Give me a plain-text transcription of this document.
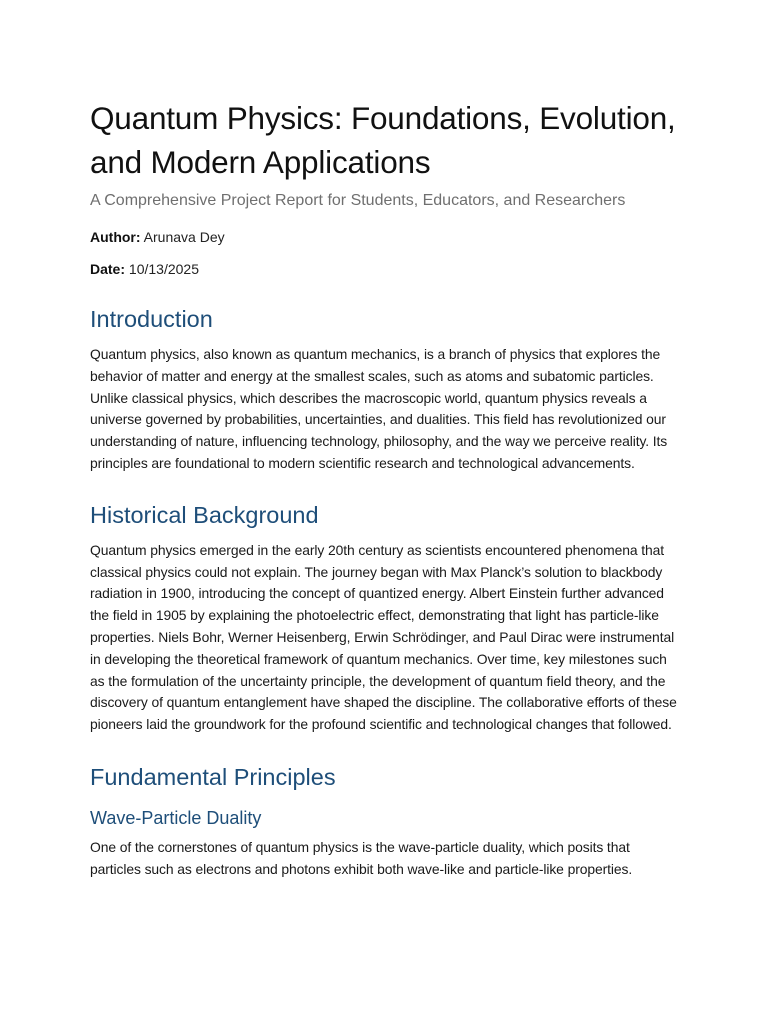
Quantum Physics: Foundations, Evolution, and Modern Applications

A Comprehensive Project Report for Students, Educators, and Researchers

Author: Arunava Dey

Date: 10/13/2025

Introduction

Quantum physics, also known as quantum mechanics, is a branch of physics that explores the behavior of matter and energy at the smallest scales, such as atoms and subatomic particles. Unlike classical physics, which describes the macroscopic world, quantum physics reveals a universe governed by probabilities, uncertainties, and dualities. This field has revolutionized our understanding of nature, influencing technology, philosophy, and the way we perceive reality. Its principles are foundational to modern scientific research and technological advancements.

Historical Background

Quantum physics emerged in the early 20th century as scientists encountered phenomena that classical physics could not explain. The journey began with Max Planck’s solution to blackbody radiation in 1900, introducing the concept of quantized energy. Albert Einstein further advanced the field in 1905 by explaining the photoelectric effect, demonstrating that light has particle-like properties. Niels Bohr, Werner Heisenberg, Erwin Schrödinger, and Paul Dirac were instrumental in developing the theoretical framework of quantum mechanics. Over time, key milestones such as the formulation of the uncertainty principle, the development of quantum field theory, and the discovery of quantum entanglement have shaped the discipline. The collaborative efforts of these pioneers laid the groundwork for the profound scientific and technological changes that followed.

Fundamental Principles
Wave-Particle Duality

One of the cornerstones of quantum physics is the wave-particle duality, which posits that particles such as electrons and photons exhibit both wave-like and particle-like properties.
